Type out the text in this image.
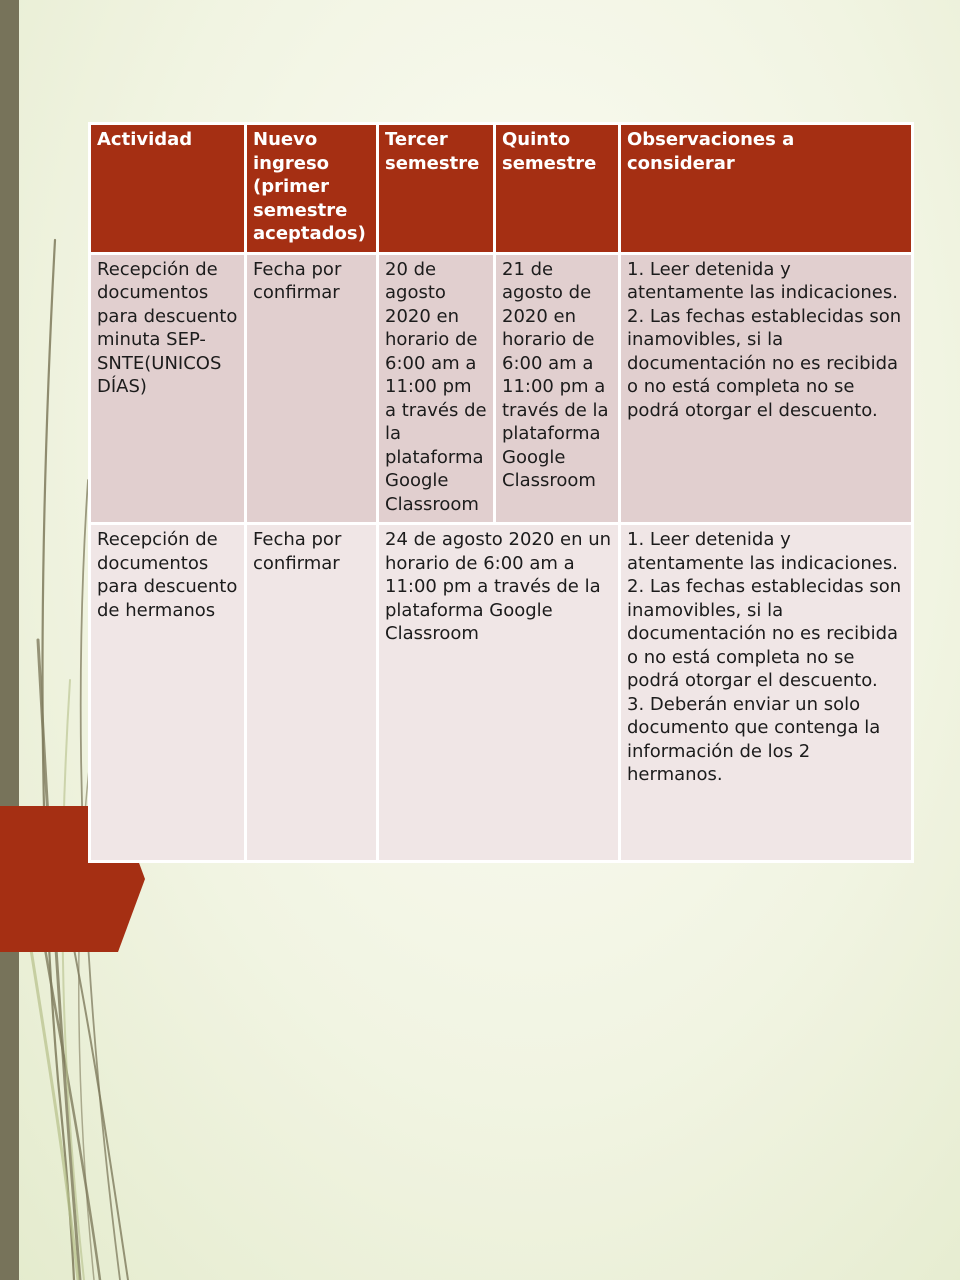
Actividad	Nuevo ingreso (primer semestre aceptados)	Tercer semestre	Quinto semestre	Observaciones a considerar
Recepción de documentos para descuento minuta SEP-SNTE(UNICOS DÍAS)	Fecha por confirmar	20 de agosto 2020 en horario de 6:00 am a 11:00 pm a través de la plataforma Google Classroom	21 de agosto de 2020 en horario de 6:00 am a 11:00 pm a través de la plataforma Google Classroom	1. Leer detenida y atentamente las indicaciones.
2. Las fechas establecidas son inamovibles, si la documentación no es recibida o no está completa no se podrá otorgar el descuento.

Recepción de documentos para descuento de hermanos	Fecha por confirmar	24 de agosto 2020 en un horario de 6:00 am a 11:00 pm a través de la plataforma Google Classroom		1. Leer detenida y atentamente las indicaciones.
2. Las fechas establecidas son inamovibles, si la documentación no es recibida o no está completa no se podrá otorgar el descuento.
3. Deberán enviar un solo documento que contenga la información de los 2 hermanos.
